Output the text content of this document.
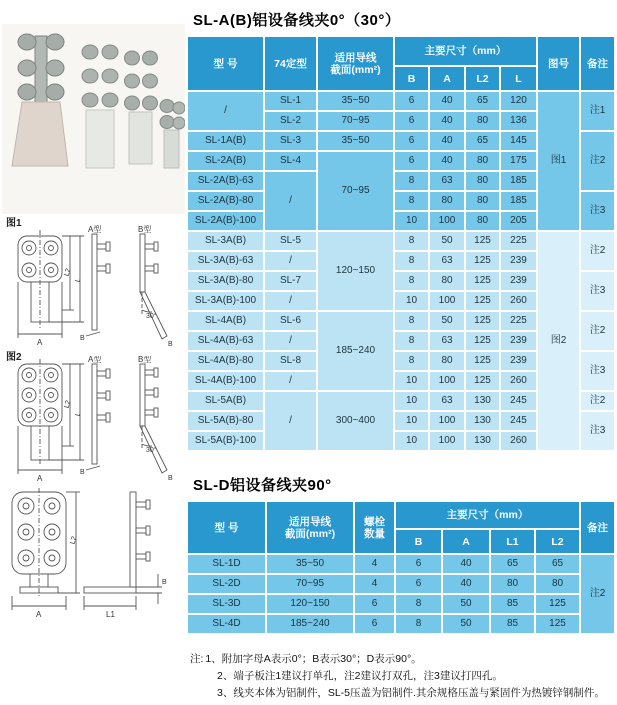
图1
A型	B型
A
L2
L
B
30°
B
图2	A型	B型
A
L2
L
B
30°
B
A
L2
L1
B
SL-A(B)铝设备线夹0°（30°）
型 号	74定型	适用导线
截面(mm²)	主要尺寸（mm）				图号	备注
			B	A	L2	L		
/	SL-1	35~50	6	40	65	120	图1	注1
	SL-2	70~95	6	40	80	136		
SL-1A(B)	SL-3	35~50	6	40	65	145		注2
SL-2A(B)	SL-4	70~95	6	40	80	175		
SL-2A(B)-63	/		8	63	80	185		
SL-2A(B)-80			8	80	80	185		注3
SL-2A(B)-100			10	100	80	205		
SL-3A(B)	SL-5	120~150	8	50	125	225	图2	注2
SL-3A(B)-63	/		8	63	125	239		
SL-3A(B)-80	SL-7		8	80	125	239		注3
SL-3A(B)-100	/		10	100	125	260		
SL-4A(B)	SL-6	185~240	8	50	125	225		注2
SL-4A(B)-63	/		8	63	125	239		
SL-4A(B)-80	SL-8		8	80	125	239		注3
SL-4A(B)-100	/		10	100	125	260		
SL-5A(B)	/	300~400	10	63	130	245		注2
SL-5A(B)-80			10	100	130	245		注3
SL-5A(B)-100			10	100	130	260		
SL-D铝设备线夹90°
型 号	适用导线
截面(mm²)	螺栓
数量	主要尺寸（mm）				备注
			B	A	L1	L2	
SL-1D	35~50	4	6	40	65	65	注2
SL-2D	70~95	4	6	40	80	80	
SL-3D	120~150	6	8	50	85	125	
SL-4D	185~240	6	8	50	85	125	
注: 1、附加字母A表示0°；B表示30°；D表示90°。
2、端子板注1建议打单孔，注2建议打双孔，注3建议打四孔。
3、线夹本体为铝制件，SL-5压盖为铝制件.其余规格压盖与紧固件为热镀锌钢制件。
